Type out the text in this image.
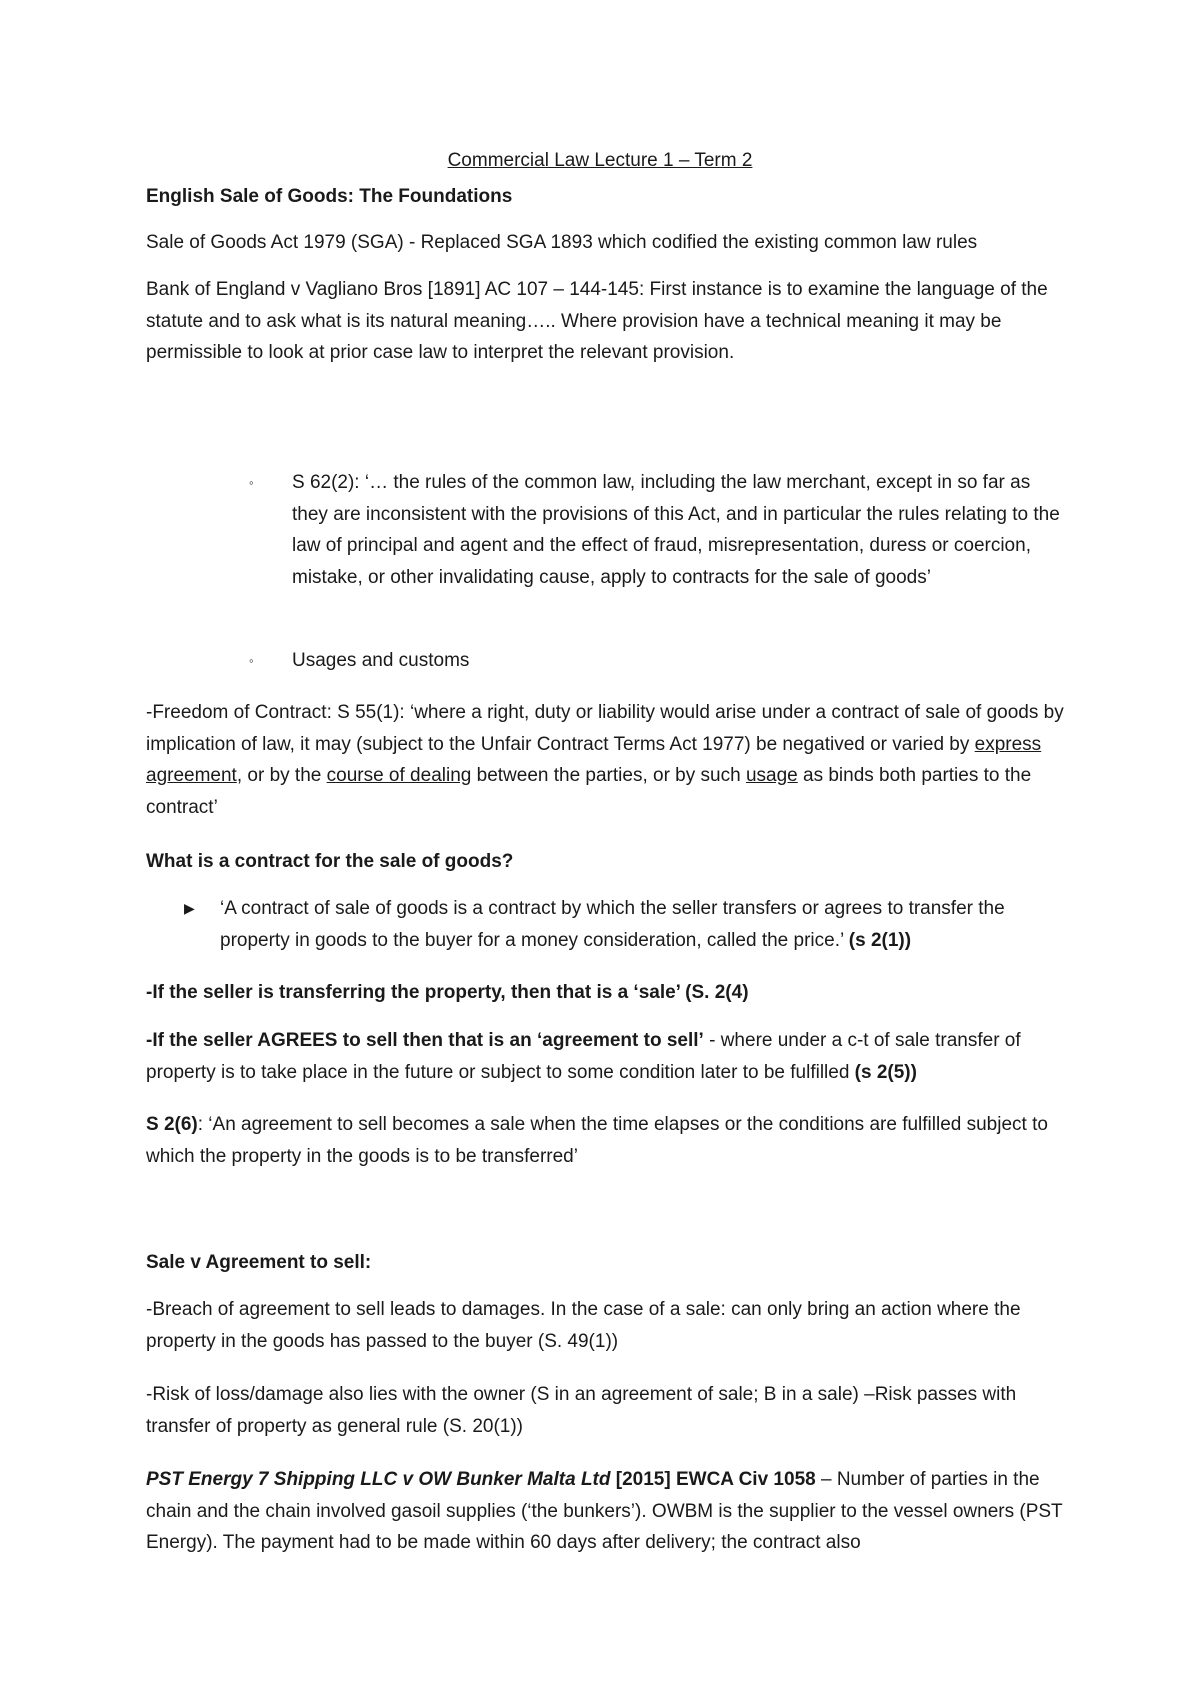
Commercial Law Lecture 1 – Term 2

English Sale of Goods: The Foundations

Sale of Goods Act 1979 (SGA) - Replaced SGA 1893 which codified the existing common law rules

Bank of England v Vagliano Bros [1891] AC 107 – 144-145: First instance is to examine the language of the statute and to ask what is its natural meaning….. Where provision have a technical meaning it may be permissible to look at prior case law to interpret the relevant provision.

◦ S 62(2): ‘… the rules of the common law, including the law merchant, except in so far as they are inconsistent with the provisions of this Act, and in particular the rules relating to the law of principal and agent and the effect of fraud, misrepresentation, duress or coercion, mistake, or other invalidating cause, apply to contracts for the sale of goods’
◦ Usages and customs

-Freedom of Contract: S 55(1): ‘where a right, duty or liability would arise under a contract of sale of goods by implication of law, it may (subject to the Unfair Contract Terms Act 1977) be negatived or varied by express agreement, or by the course of dealing between the parties, or by such usage as binds both parties to the contract’

What is a contract for the sale of goods?

▶ ‘A contract of sale of goods is a contract by which the seller transfers or agrees to transfer the property in goods to the buyer for a money consideration, called the price.’ (s 2(1))

-If the seller is transferring the property, then that is a ‘sale’ (S. 2(4)

-If the seller AGREES to sell then that is an ‘agreement to sell’ - where under a c-t of sale transfer of property is to take place in the future or subject to some condition later to be fulfilled (s 2(5))

S 2(6): ‘An agreement to sell becomes a sale when the time elapses or the conditions are fulfilled subject to which the property in the goods is to be transferred’

Sale v Agreement to sell:

-Breach of agreement to sell leads to damages. In the case of a sale: can only bring an action where the property in the goods has passed to the buyer (S. 49(1))

-Risk of loss/damage also lies with the owner (S in an agreement of sale; B in a sale) –Risk passes with transfer of property as general rule (S. 20(1))

PST Energy 7 Shipping LLC v OW Bunker Malta Ltd [2015] EWCA Civ 1058 – Number of parties in the chain and the chain involved gasoil supplies (‘the bunkers’). OWBM is the supplier to the vessel owners (PST Energy). The payment had to be made within 60 days after delivery; the contract also
